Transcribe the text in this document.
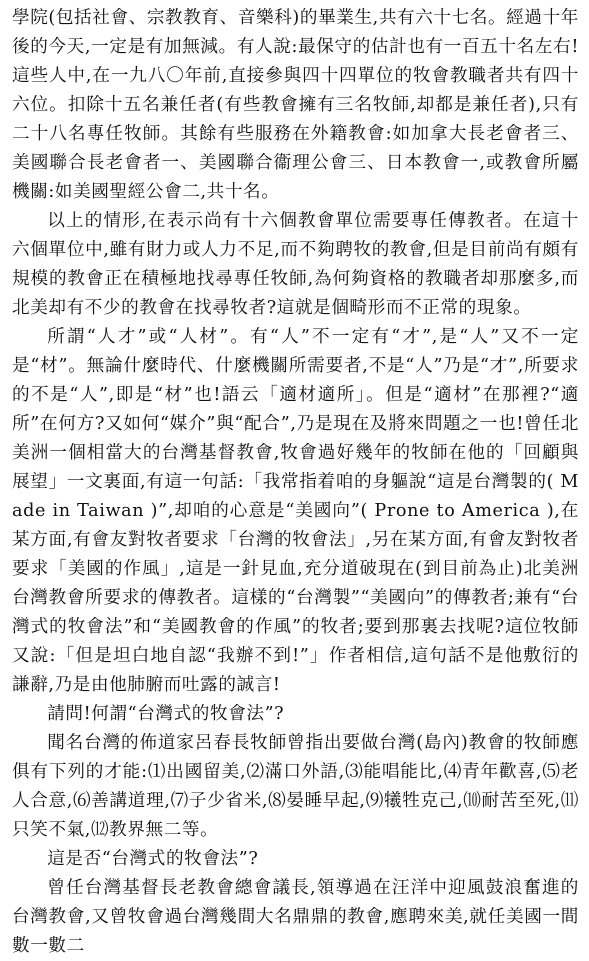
學院(包括社會、宗教教育、音樂科)的畢業生,共有六十七名。經過十年後的今天,一定是有加無減。有人說:最保守的估計也有一百五十名左右!這些人中,在一九八〇年前,直接參與四十四單位的牧會教職者共有四十六位。扣除十五名兼任者(有些教會擁有三名牧師,却都是兼任者),只有二十八名專任牧師。其餘有些服務在外籍教會:如加拿大長老會者三、美國聯合長老會者一、美國聯合衞理公會三、日本教會一,或教會所屬機關:如美國聖經公會二,共十名。

以上的情形,在表示尚有十六個教會單位需要專任傳教者。在這十六個單位中,雖有財力或人力不足,而不夠聘牧的教會,但是目前尚有頗有規模的教會正在積極地找尋專任牧師,為何夠資格的教職者却那麼多,而北美却有不少的教會在找尋牧者?這就是個畸形而不正常的現象。

所謂“人才”或“人材”。有“人”不一定有“才”,是“人”又不一定是“材”。無論什麼時代、什麼機關所需要者,不是“人”乃是“才”,所要求的不是“人”,即是“材”也!語云「適材適所」。但是“適材”在那裡?“適所”在何方?又如何“媒介”與“配合”,乃是現在及將來問題之一也!曾任北美洲一個相當大的台灣基督教會,牧會過好幾年的牧師在他的「回顧與展望」一文裏面,有這一句話:「我常指着咱的身軀說“這是台灣製的( Made in Taiwan )”,却咱的心意是“美國向”( Prone to America ),在某方面,有會友對牧者要求「台灣的牧會法」,另在某方面,有會友對牧者要求「美國的作風」,這是一針見血,充分道破現在(到目前為止)北美洲台灣教會所要求的傳教者。這樣的“台灣製”“美國向”的傳教者;兼有“台灣式的牧會法”和“美國教會的作風”的牧者;要到那裏去找呢?這位牧師又說:「但是坦白地自認“我辦不到!”」作者相信,這句話不是他敷衍的謙辭,乃是由他肺腑而吐露的誠言!

請問!何謂“台灣式的牧會法”?

聞名台灣的佈道家呂春長牧師曾指出要做台灣(島內)教會的牧師應俱有下列的才能:⑴出國留美,⑵滿口外語,⑶能唱能比,⑷青年歡喜,⑸老人合意,⑹善講道理,⑺子少省米,⑻晏睡早起,⑼犧牲克己,⑽耐苦至死,⑾只笑不氣,⑿教界無二等。

這是否“台灣式的牧會法”?

曾任台灣基督長老教會總會議長,領導過在汪洋中迎風鼓浪奮進的台灣教會,又曾牧會過台灣幾間大名鼎鼎的教會,應聘來美,就任美國一間數一數二
